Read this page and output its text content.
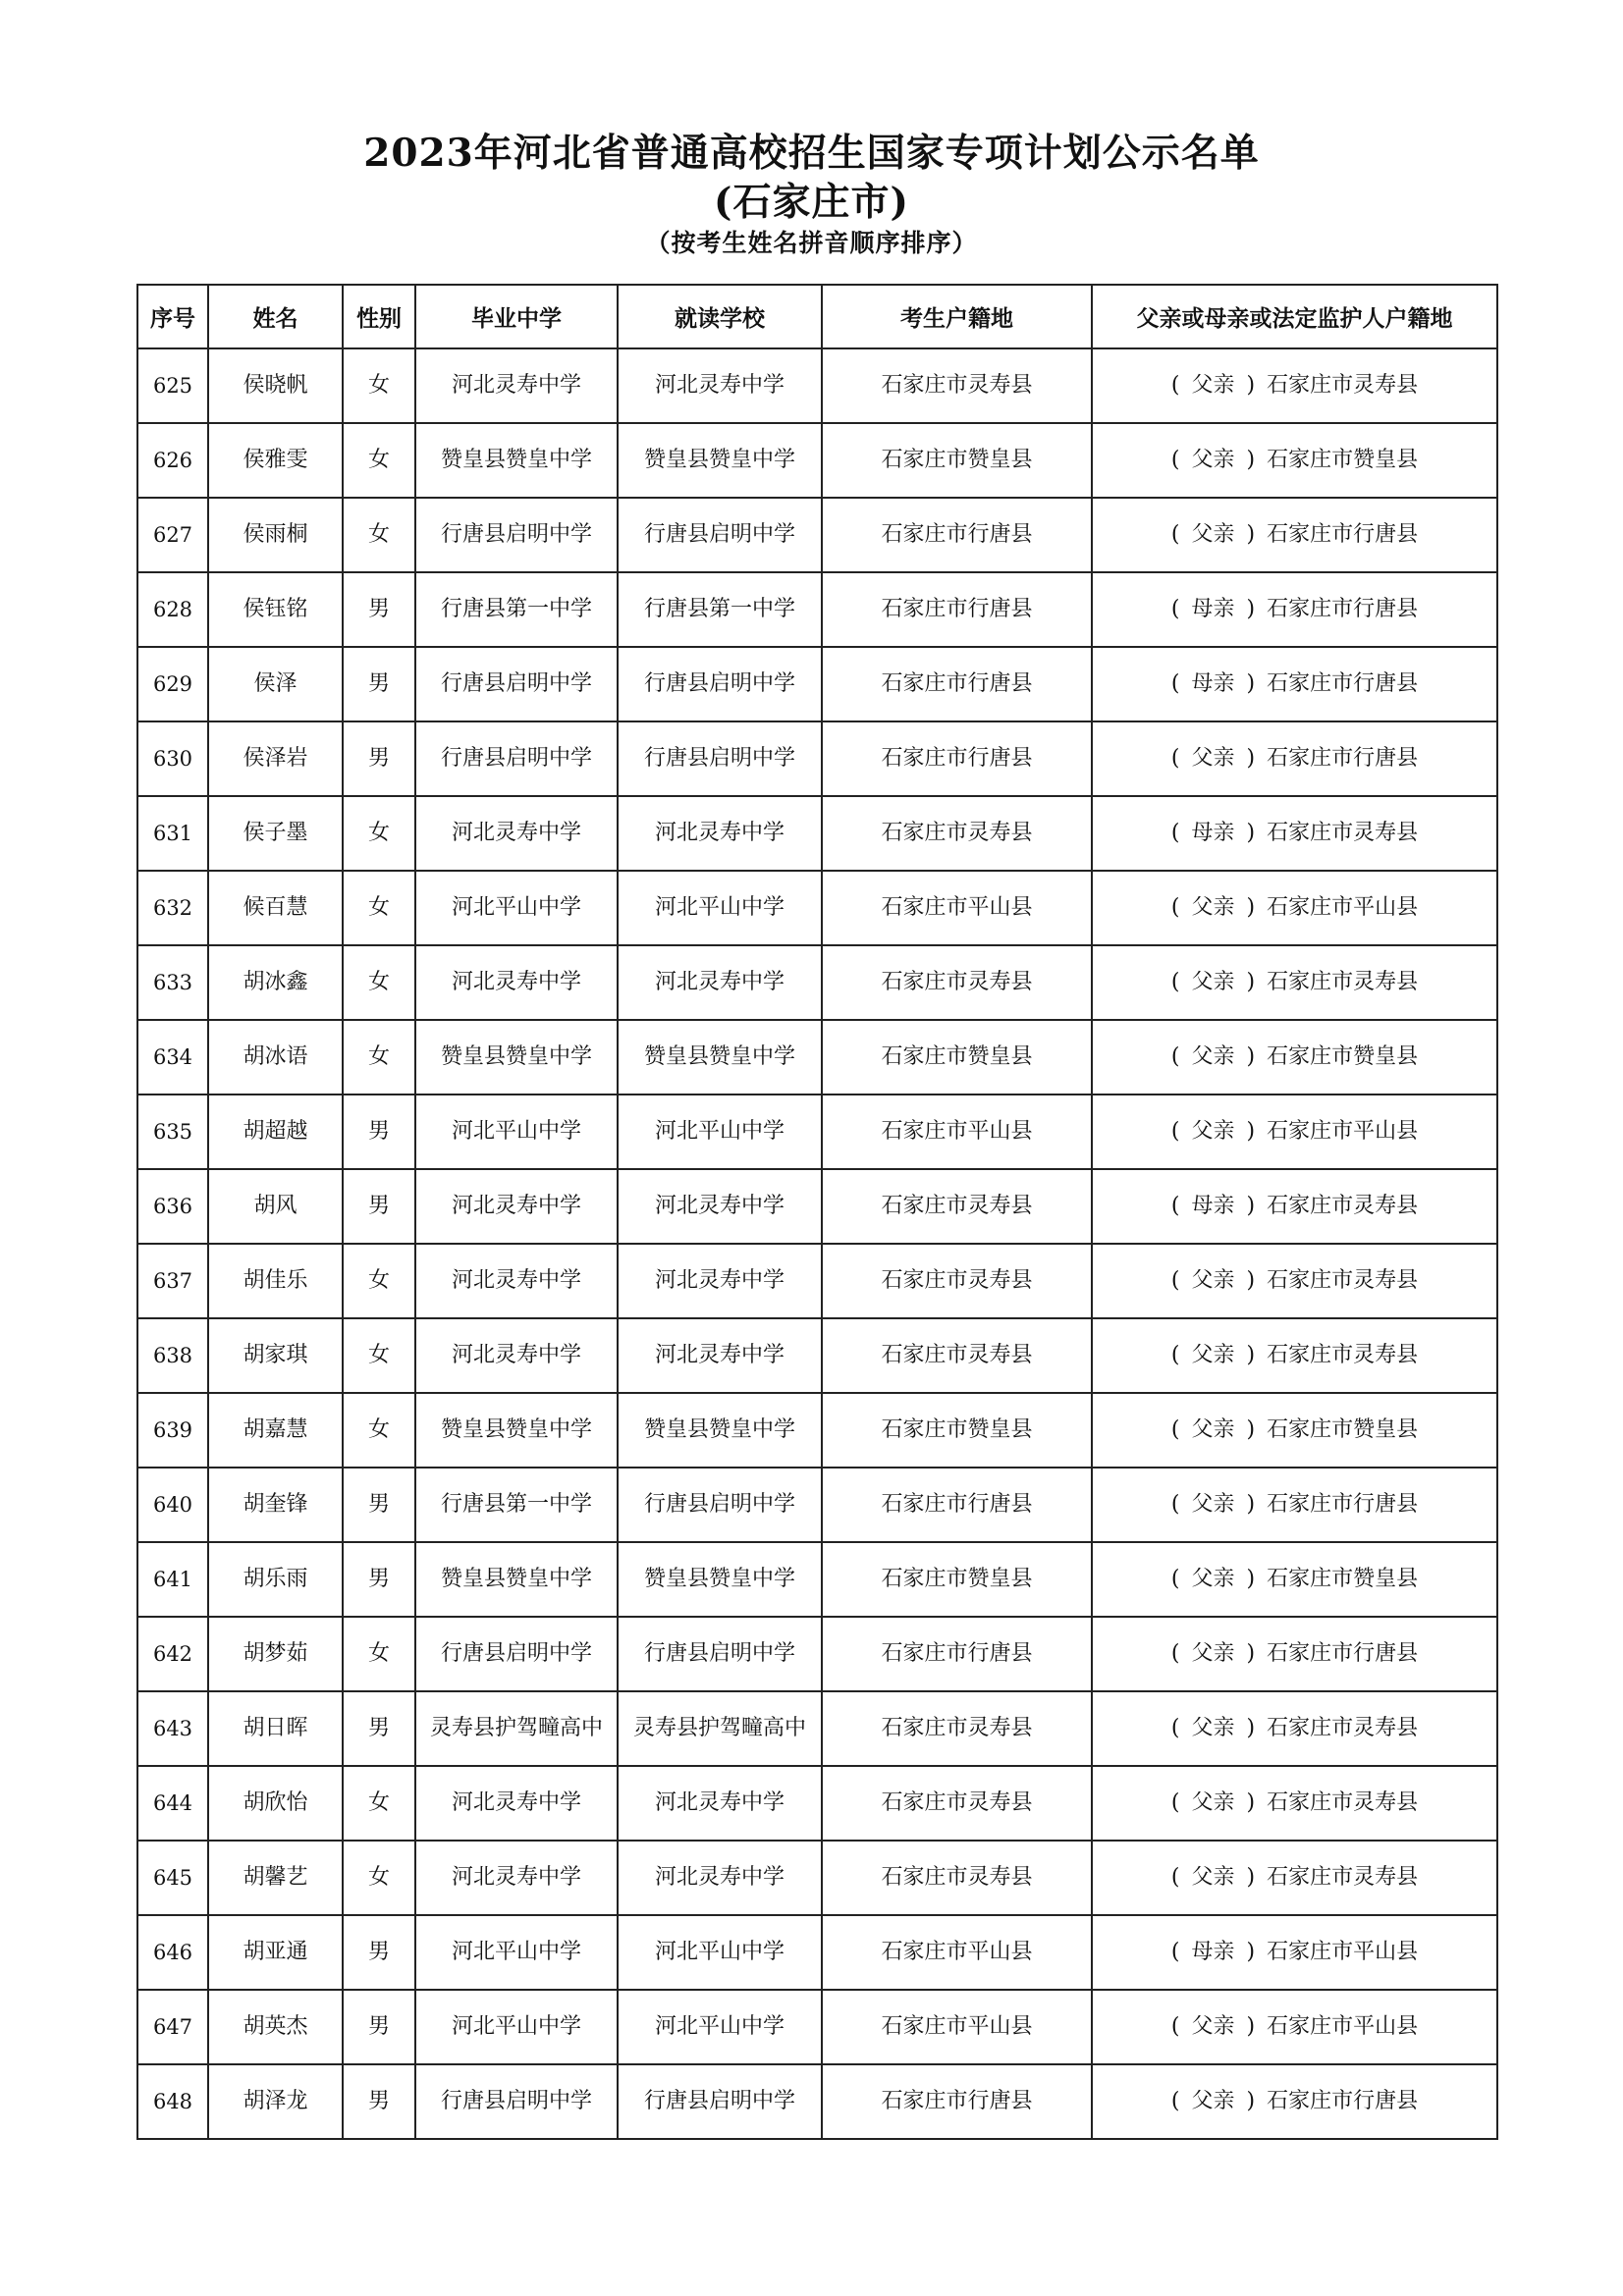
2023年河北省普通高校招生国家专项计划公示名单
(石家庄市)
（按考生姓名拼音顺序排序）
序号	姓名	性别	毕业中学	就读学校	考生户籍地	父亲或母亲或法定监护人户籍地
625	侯晓帆	女	河北灵寿中学	河北灵寿中学	石家庄市灵寿县	( 父亲 ) 石家庄市灵寿县
626	侯雅雯	女	赞皇县赞皇中学	赞皇县赞皇中学	石家庄市赞皇县	( 父亲 ) 石家庄市赞皇县
627	侯雨桐	女	行唐县启明中学	行唐县启明中学	石家庄市行唐县	( 父亲 ) 石家庄市行唐县
628	侯钰铭	男	行唐县第一中学	行唐县第一中学	石家庄市行唐县	( 母亲 ) 石家庄市行唐县
629	侯泽	男	行唐县启明中学	行唐县启明中学	石家庄市行唐县	( 母亲 ) 石家庄市行唐县
630	侯泽岩	男	行唐县启明中学	行唐县启明中学	石家庄市行唐县	( 父亲 ) 石家庄市行唐县
631	侯子墨	女	河北灵寿中学	河北灵寿中学	石家庄市灵寿县	( 母亲 ) 石家庄市灵寿县
632	候百慧	女	河北平山中学	河北平山中学	石家庄市平山县	( 父亲 ) 石家庄市平山县
633	胡冰鑫	女	河北灵寿中学	河北灵寿中学	石家庄市灵寿县	( 父亲 ) 石家庄市灵寿县
634	胡冰语	女	赞皇县赞皇中学	赞皇县赞皇中学	石家庄市赞皇县	( 父亲 ) 石家庄市赞皇县
635	胡超越	男	河北平山中学	河北平山中学	石家庄市平山县	( 父亲 ) 石家庄市平山县
636	胡风	男	河北灵寿中学	河北灵寿中学	石家庄市灵寿县	( 母亲 ) 石家庄市灵寿县
637	胡佳乐	女	河北灵寿中学	河北灵寿中学	石家庄市灵寿县	( 父亲 ) 石家庄市灵寿县
638	胡家琪	女	河北灵寿中学	河北灵寿中学	石家庄市灵寿县	( 父亲 ) 石家庄市灵寿县
639	胡嘉慧	女	赞皇县赞皇中学	赞皇县赞皇中学	石家庄市赞皇县	( 父亲 ) 石家庄市赞皇县
640	胡奎锋	男	行唐县第一中学	行唐县启明中学	石家庄市行唐县	( 父亲 ) 石家庄市行唐县
641	胡乐雨	男	赞皇县赞皇中学	赞皇县赞皇中学	石家庄市赞皇县	( 父亲 ) 石家庄市赞皇县
642	胡梦茹	女	行唐县启明中学	行唐县启明中学	石家庄市行唐县	( 父亲 ) 石家庄市行唐县
643	胡日晖	男	灵寿县护驾疃高中	灵寿县护驾疃高中	石家庄市灵寿县	( 父亲 ) 石家庄市灵寿县
644	胡欣怡	女	河北灵寿中学	河北灵寿中学	石家庄市灵寿县	( 父亲 ) 石家庄市灵寿县
645	胡馨艺	女	河北灵寿中学	河北灵寿中学	石家庄市灵寿县	( 父亲 ) 石家庄市灵寿县
646	胡亚通	男	河北平山中学	河北平山中学	石家庄市平山县	( 母亲 ) 石家庄市平山县
647	胡英杰	男	河北平山中学	河北平山中学	石家庄市平山县	( 父亲 ) 石家庄市平山县
648	胡泽龙	男	行唐县启明中学	行唐县启明中学	石家庄市行唐县	( 父亲 ) 石家庄市行唐县
